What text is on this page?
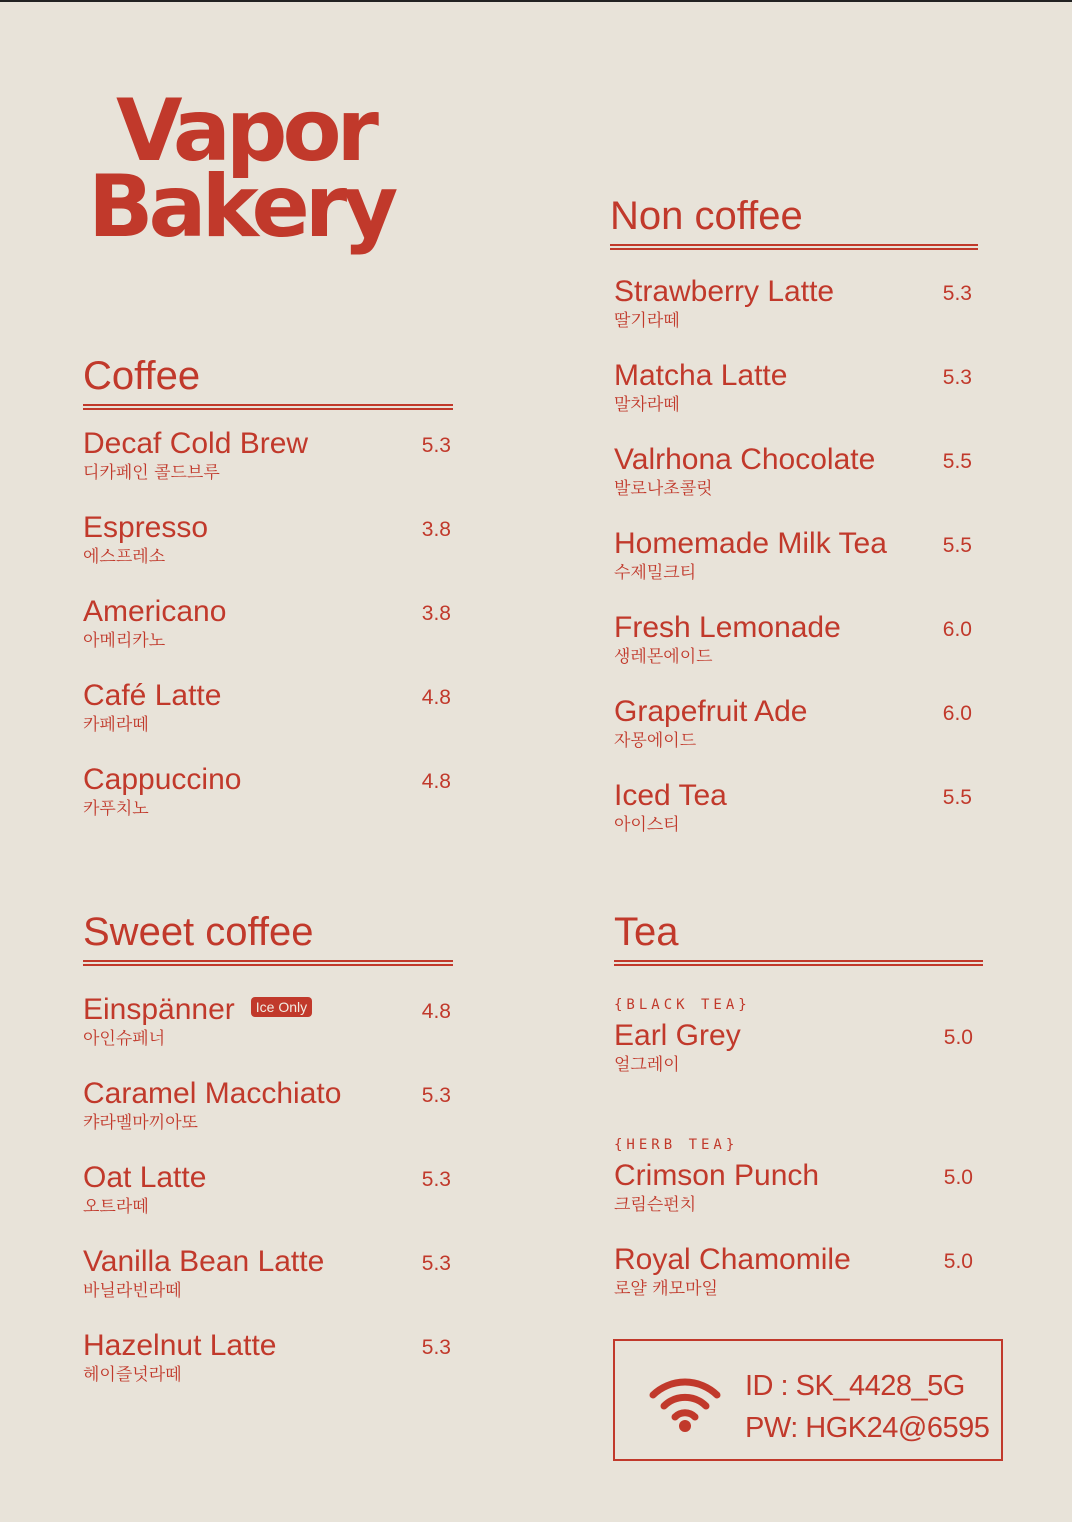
Vapor
Bakery
Coffee
Decaf Cold Brew
디카페인 콜드브루
5.3
Espresso
에스프레소
3.8
Americano
아메리카노
3.8
Café Latte
카페라떼
4.8
Cappuccino
카푸치노
4.8
Sweet coffee
Einspänner Ice Only
아인슈페너
4.8
Caramel Macchiato
캬라멜마끼아또
5.3
Oat Latte
오트라떼
5.3
Vanilla Bean Latte
바닐라빈라떼
5.3
Hazelnut Latte
헤이즐넛라떼
5.3
Non coffee
Strawberry Latte
딸기라떼
5.3
Matcha Latte
말차라떼
5.3
Valrhona Chocolate
발로나초콜릿
5.5
Homemade Milk Tea
수제밀크티
5.5
Fresh Lemonade
생레몬에이드
6.0
Grapefruit Ade
자몽에이드
6.0
Iced Tea
아이스티
5.5
Tea
{BLACK TEA}
Earl Grey
얼그레이
5.0
{HERB TEA}
Crimson Punch
크림슨펀치
5.0
Royal Chamomile
로얄 캐모마일
5.0
ID : SK_4428_5G
PW: HGK24@6595
